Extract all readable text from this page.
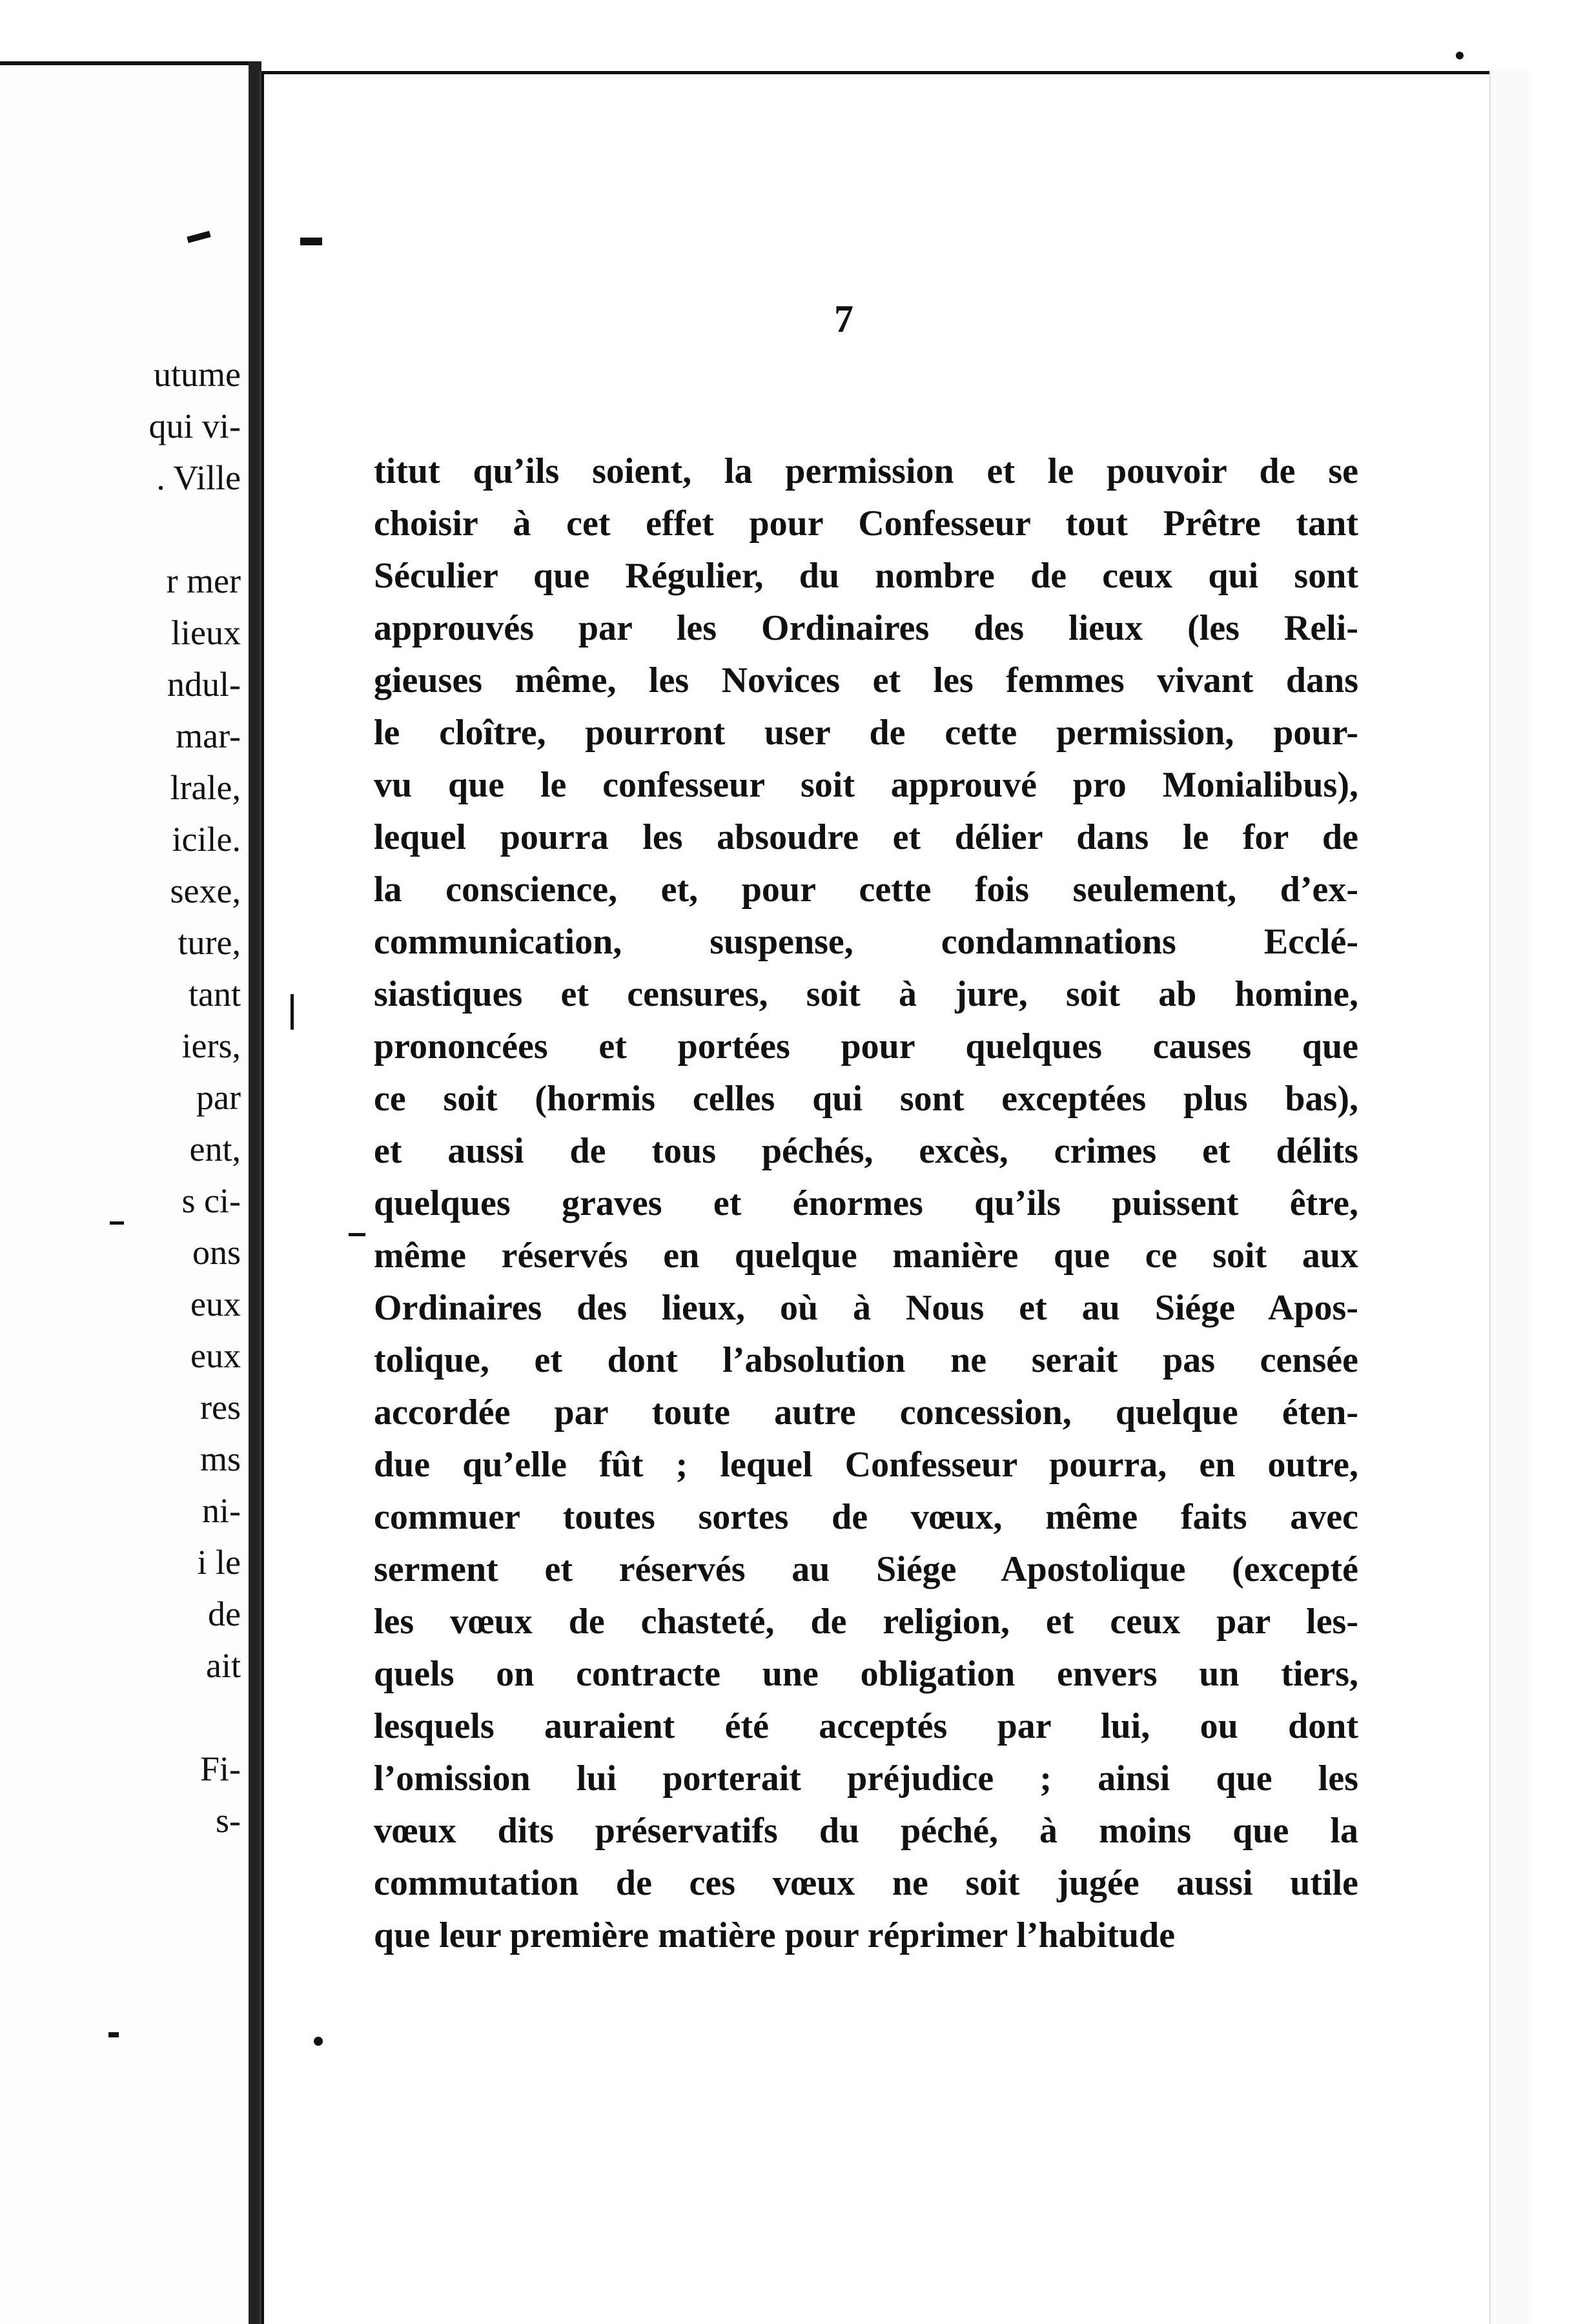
utume
qui vi-
. Ville
r mer
lieux
ndul-
mar-
lrale,
icile.
sexe,
ture,
tant
iers,
par
ent,
s ci-
ons
eux
eux
res
ms
ni-
i le
de
ait
Fi-
s-
7
titut qu’ils soient, la permission et le pouvoir de se
choisir à cet effet pour Confesseur tout Prêtre tant
Séculier que Régulier, du nombre de ceux qui sont
approuvés par les Ordinaires des lieux (les Reli-
gieuses même, les Novices et les femmes vivant dans
le cloître, pourront user de cette permission, pour-
vu que le confesseur soit approuvé pro Monialibus),
lequel pourra les absoudre et délier dans le for de
la conscience, et, pour cette fois seulement, d’ex-
communication, suspense, condamnations Ecclé-
siastiques et censures, soit à jure, soit ab homine,
prononcées et portées pour quelques causes que
ce soit (hormis celles qui sont exceptées plus bas),
et aussi de tous péchés, excès, crimes et délits
quelques graves et énormes qu’ils puissent être,
même réservés en quelque manière que ce soit aux
Ordinaires des lieux, où à Nous et au Siége Apos-
tolique, et dont l’absolution ne serait pas censée
accordée par toute autre concession, quelque éten-
due qu’elle fût ; lequel Confesseur pourra, en outre,
commuer toutes sortes de vœux, même faits avec
serment et réservés au Siége Apostolique (excepté
les vœux de chasteté, de religion, et ceux par les-
quels on contracte une obligation envers un tiers,
lesquels auraient été acceptés par lui, ou dont
l’omission lui porterait préjudice ; ainsi que les
vœux dits préservatifs du péché, à moins que la
commutation de ces vœux ne soit jugée aussi utile
que leur première matière pour réprimer l’habitude
